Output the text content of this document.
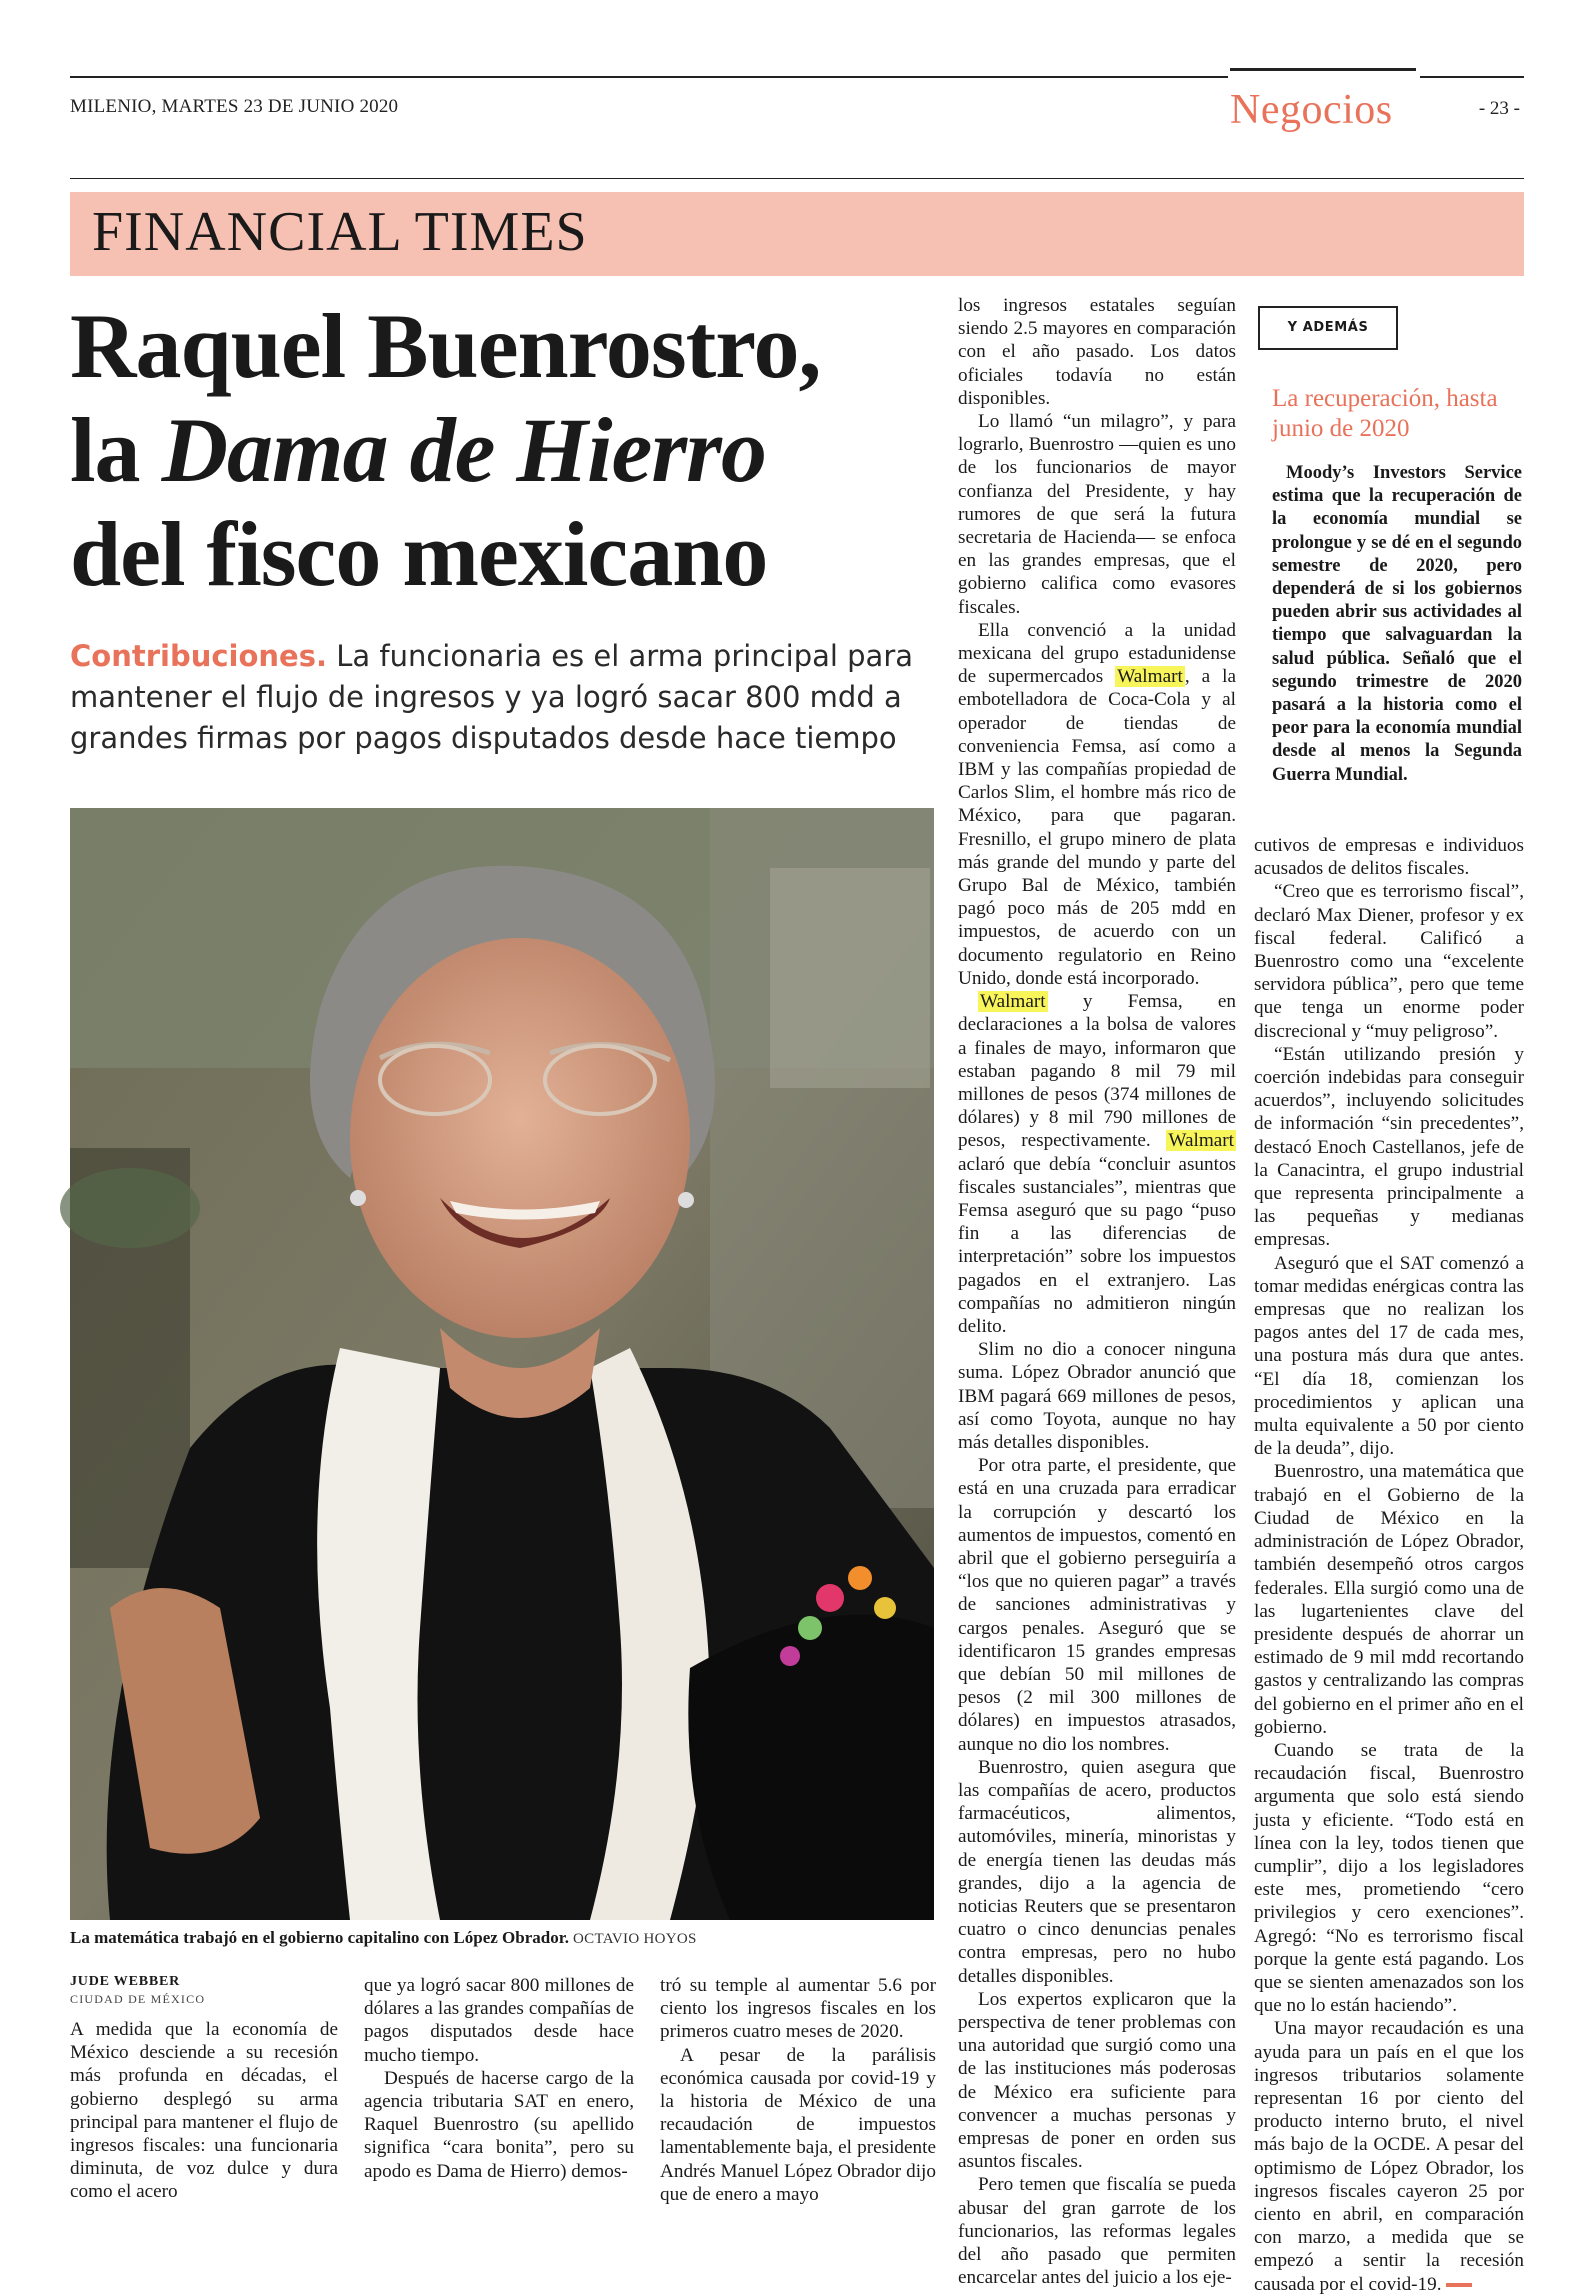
MILENIO, MARTES 23 DE JUNIO 2020	Negocios	- 23 -
FINANCIAL TIMES
Raquel Buenrostro,
la Dama de Hierro
del fisco mexicano
Contribuciones. La funcionaria es el arma principal para mantener el flujo de ingresos y ya logró sacar 800 mdd a grandes firmas por pagos disputados desde hace tiempo
La matemática trabajó en el gobierno capitalino con López Obrador. OCTAVIO HOYOS
JUDE WEBBER
CIUDAD DE MÉXICO

A medida que la economía de México desciende a su recesión más profunda en décadas, el gobierno desplegó su arma principal para mantener el flujo de ingresos fiscales: una funcionaria diminuta, de voz dulce y dura como el acero

que ya logró sacar 800 millones de dólares a las grandes compañías de pagos disputados desde hace mucho tiempo.

Después de hacerse cargo de la agencia tributaria SAT en enero, Raquel Buenrostro (su apellido significa “cara bonita”, pero su apodo es Dama de Hierro) demos-

tró su temple al aumentar 5.6 por ciento los ingresos fiscales en los primeros cuatro meses de 2020.

A pesar de la parálisis económica causada por covid-19 y la historia de México de una recaudación de impuestos lamentablemente baja, el presidente Andrés Manuel López Obrador dijo que de enero a mayo

los ingresos estatales seguían siendo 2.5 mayores en comparación con el año pasado. Los datos oficiales todavía no están disponibles.

Lo llamó “un milagro”, y para lograrlo, Buenrostro —quien es uno de los funcionarios de mayor confianza del Presidente, y hay rumores de que será la futura secretaria de Hacienda— se enfoca en las grandes empresas, que el gobierno califica como evasores fiscales.

Ella convenció a la unidad mexicana del grupo estadunidense de supermercados Walmart , a la embotelladora de Coca-Cola y al operador de tiendas de conveniencia Femsa, así como a IBM y las compañías propiedad de Carlos Slim, el hombre más rico de México, para que pagaran. Fresnillo, el grupo minero de plata más grande del mundo y parte del Grupo Bal de México, también pagó poco más de 205 mdd en impuestos, de acuerdo con un documento regulatorio en Reino Unido, donde está incorporado.

Walmart y Femsa, en declaraciones a la bolsa de valores a finales de mayo, informaron que estaban pagando 8 mil 79 mil millones de pesos (374 millones de dólares) y 8 mil 790 millones de pesos, respectivamente. Walmart aclaró que debía “concluir asuntos fiscales sustanciales”, mientras que Femsa aseguró que su pago “puso fin a las diferencias de interpretación” sobre los impuestos pagados en el extranjero. Las compañías no admitieron ningún delito.

Slim no dio a conocer ninguna suma. López Obrador anunció que IBM pagará 669 millones de pesos, así como Toyota, aunque no hay más detalles disponibles.

Por otra parte, el presidente, que está en una cruzada para erradicar la corrupción y descartó los aumentos de impuestos, comentó en abril que el gobierno perseguiría a “los que no quieren pagar” a través de sanciones administrativas y cargos penales. Aseguró que se identificaron 15 grandes empresas que debían 50 mil millones de pesos (2 mil 300 millones de dólares) en impuestos atrasados, aunque no dio los nombres.

Buenrostro, quien asegura que las compañías de acero, productos farmacéuticos, alimentos, automóviles, minería, minoristas y de energía tienen las deudas más grandes, dijo a la agencia de noticias Reuters que se presentaron cuatro o cinco denuncias penales contra empresas, pero no hubo detalles disponibles.

Los expertos explicaron que la perspectiva de tener problemas con una autoridad que surgió como una de las instituciones más poderosas de México era suficiente para convencer a muchas personas y empresas de poner en orden sus asuntos fiscales.

Pero temen que fiscalía se pueda abusar del gran garrote de los funcionarios, las reformas legales del año pasado que permiten encarcelar antes del juicio a los eje-

Y ADEMÁS
La recuperación, hasta junio de 2020

Moody’s Investors Service estima que la recuperación de la economía mundial se prolongue y se dé en el segundo semestre de 2020, pero dependerá de si los gobiernos pueden abrir sus actividades al tiempo que salvaguardan la salud pública. Señaló que el segundo trimestre de 2020 pasará a la historia como el peor para la economía mundial desde al menos la Segunda Guerra Mundial.

cutivos de empresas e individuos acusados de delitos fiscales.

“Creo que es terrorismo fiscal”, declaró Max Diener, profesor y ex fiscal federal. Calificó a Buenrostro como una “excelente servidora pública”, pero que teme que tenga un enorme poder discrecional y “muy peligroso”.

“Están utilizando presión y coerción indebidas para conseguir acuerdos”, incluyendo solicitudes de información “sin precedentes”, destacó Enoch Castellanos, jefe de la Canacintra, el grupo industrial que representa principalmente a las pequeñas y medianas empresas.

Aseguró que el SAT comenzó a tomar medidas enérgicas contra las empresas que no realizan los pagos antes del 17 de cada mes, una postura más dura que antes. “El día 18, comienzan los procedimientos y aplican una multa equivalente a 50 por ciento de la deuda”, dijo.

Buenrostro, una matemática que trabajó en el Gobierno de la Ciudad de México en la administración de López Obrador, también desempeñó otros cargos federales. Ella surgió como una de las lugartenientes clave del presidente después de ahorrar un estimado de 9 mil mdd recortando gastos y centralizando las compras del gobierno en el primer año en el gobierno.

Cuando se trata de la recaudación fiscal, Buenrostro argumenta que solo está siendo justa y eficiente. “Todo está en línea con la ley, todos tienen que cumplir”, dijo a los legisladores este mes, prometiendo “cero privilegios y cero exenciones”. Agregó: “No es terrorismo fiscal porque la gente está pagando. Los que se sienten amenazados son los que no lo están haciendo”.

Una mayor recaudación es una ayuda para un país en el que los ingresos tributarios solamente representan 16 por ciento del producto interno bruto, el nivel más bajo de la OCDE. A pesar del optimismo de López Obrador, los ingresos fiscales cayeron 25 por ciento en abril, en comparación con marzo, a medida que se empezó a sentir la recesión causada por el covid-19.
